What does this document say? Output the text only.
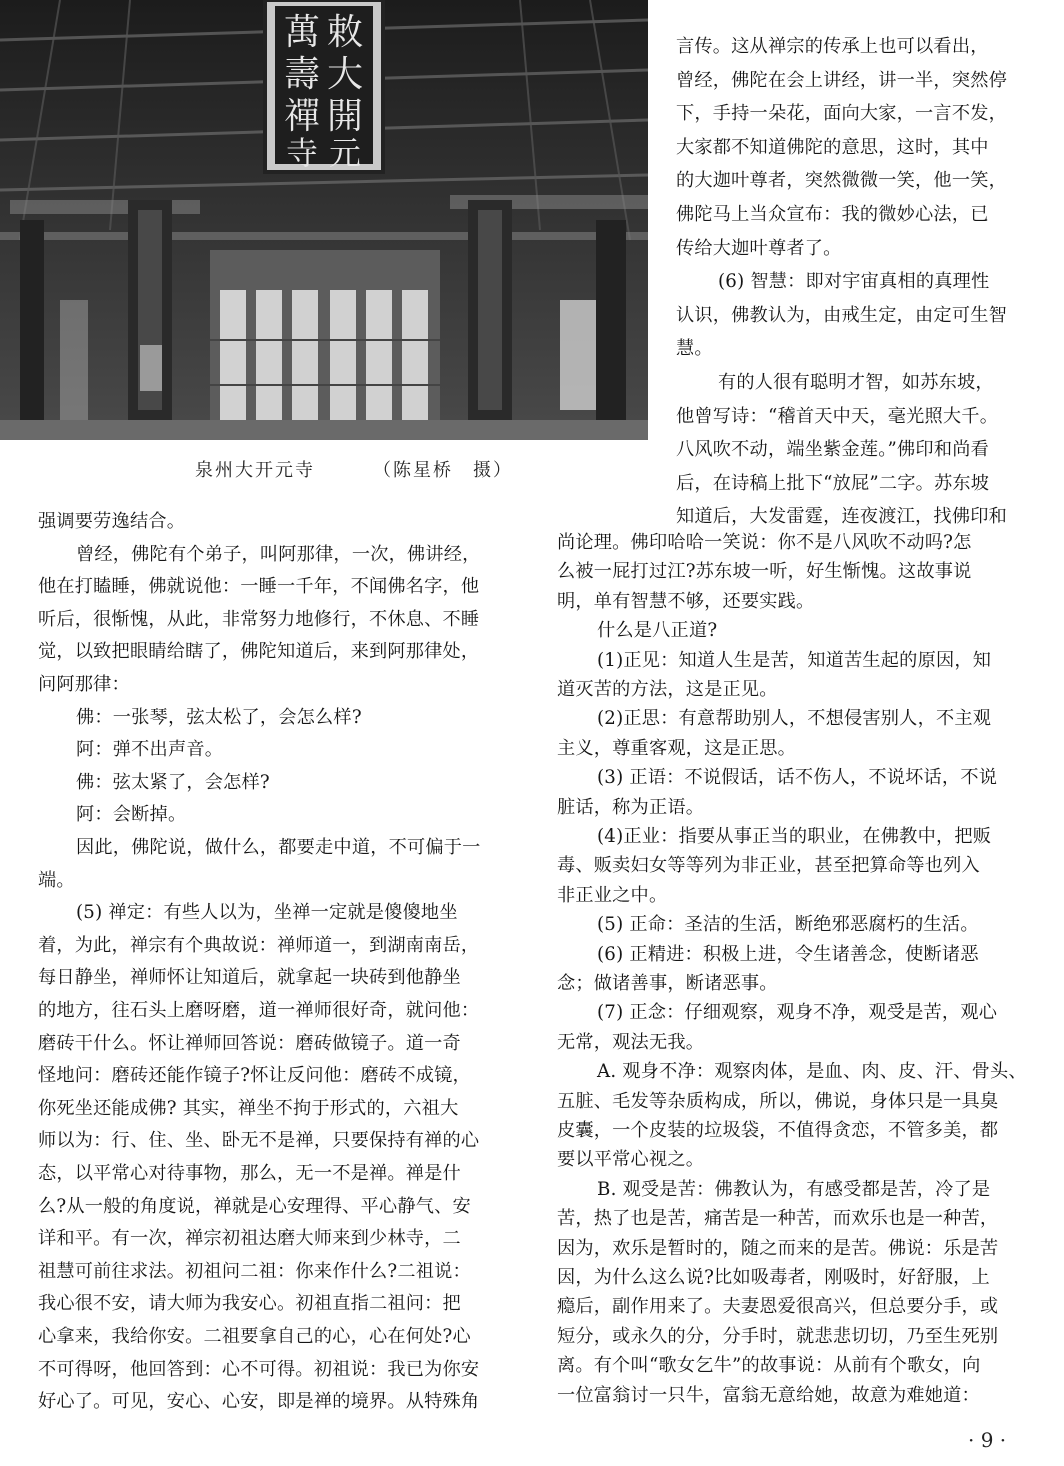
敕
大
開
元
萬
壽
禪
寺
泉州大开元寺	（陈星桥　摄）
言传。这从禅宗的传承上也可以看出，
曾经，佛陀在会上讲经，讲一半，突然停
下，手持一朵花，面向大家，一言不发，
大家都不知道佛陀的意思，这时，其中
的大迦叶尊者，突然微微一笑，他一笑，
佛陀马上当众宣布：我的微妙心法，已
传给大迦叶尊者了。
(6) 智慧：即对宇宙真相的真理性
认识，佛教认为，由戒生定，由定可生智
慧。
有的人很有聪明才智，如苏东坡，
他曾写诗：“稽首天中天，毫光照大千。
八风吹不动，端坐紫金莲。”佛印和尚看
后，在诗稿上批下“放屁”二字。苏东坡
知道后，大发雷霆，连夜渡江，找佛印和
强调要劳逸结合。
曾经，佛陀有个弟子，叫阿那律，一次，佛讲经，
他在打瞌睡，佛就说他：一睡一千年，不闻佛名字，他
听后，很惭愧，从此，非常努力地修行，不休息、不睡
觉，以致把眼睛给瞎了，佛陀知道后，来到阿那律处，
问阿那律：
佛：一张琴，弦太松了，会怎么样?
阿：弹不出声音。
佛：弦太紧了，会怎样?
阿：会断掉。
因此，佛陀说，做什么，都要走中道，不可偏于一
端。
(5) 禅定：有些人以为，坐禅一定就是傻傻地坐
着，为此，禅宗有个典故说：禅师道一，到湖南南岳，
每日静坐，禅师怀让知道后，就拿起一块砖到他静坐
的地方，往石头上磨呀磨，道一禅师很好奇，就问他：
磨砖干什么。怀让禅师回答说：磨砖做镜子。道一奇
怪地问：磨砖还能作镜子?怀让反问他：磨砖不成镜，
你死坐还能成佛? 其实，禅坐不拘于形式的，六祖大
师以为：行、住、坐、卧无不是禅，只要保持有禅的心
态，以平常心对待事物，那么，无一不是禅。禅是什
么?从一般的角度说，禅就是心安理得、平心静气、安
详和平。有一次，禅宗初祖达磨大师来到少林寺，二
祖慧可前往求法。初祖问二祖：你来作什么?二祖说：
我心很不安，请大师为我安心。初祖直指二祖问：把
心拿来，我给你安。二祖要拿自己的心，心在何处?心
不可得呀，他回答到：心不可得。初祖说：我已为你安
好心了。可见，安心、心安，即是禅的境界。从特殊角
尚论理。佛印哈哈一笑说：你不是八风吹不动吗?怎
么被一屁打过江?苏东坡一听，好生惭愧。这故事说
明，单有智慧不够，还要实践。
什么是八正道?
(1)正见：知道人生是苦，知道苦生起的原因，知
道灭苦的方法，这是正见。
(2)正思：有意帮助别人，不想侵害别人，不主观
主义，尊重客观，这是正思。
(3) 正语：不说假话，话不伤人，不说坏话，不说
脏话，称为正语。
(4)正业：指要从事正当的职业，在佛教中，把贩
毒、贩卖妇女等等列为非正业，甚至把算命等也列入
非正业之中。
(5) 正命：圣洁的生活，断绝邪恶腐朽的生活。
(6) 正精进：积极上进，令生诸善念，使断诸恶
念；做诸善事，断诸恶事。
(7) 正念：仔细观察，观身不净，观受是苦，观心
无常，观法无我。
A. 观身不净：观察肉体，是血、肉、皮、汗、骨头、
五脏、毛发等杂质构成，所以，佛说，身体只是一具臭
皮囊，一个皮装的垃圾袋，不值得贪恋，不管多美，都
要以平常心视之。
B. 观受是苦：佛教认为，有感受都是苦，冷了是
苦，热了也是苦，痛苦是一种苦，而欢乐也是一种苦，
因为，欢乐是暂时的，随之而来的是苦。佛说：乐是苦
因，为什么这么说?比如吸毒者，刚吸时，好舒服，上
瘾后，副作用来了。夫妻恩爱很高兴，但总要分手，或
短分，或永久的分，分手时，就悲悲切切，乃至生死别
离。有个叫“歌女乞牛”的故事说：从前有个歌女，向
一位富翁讨一只牛，富翁无意给她，故意为难她道：
· 9 ·
